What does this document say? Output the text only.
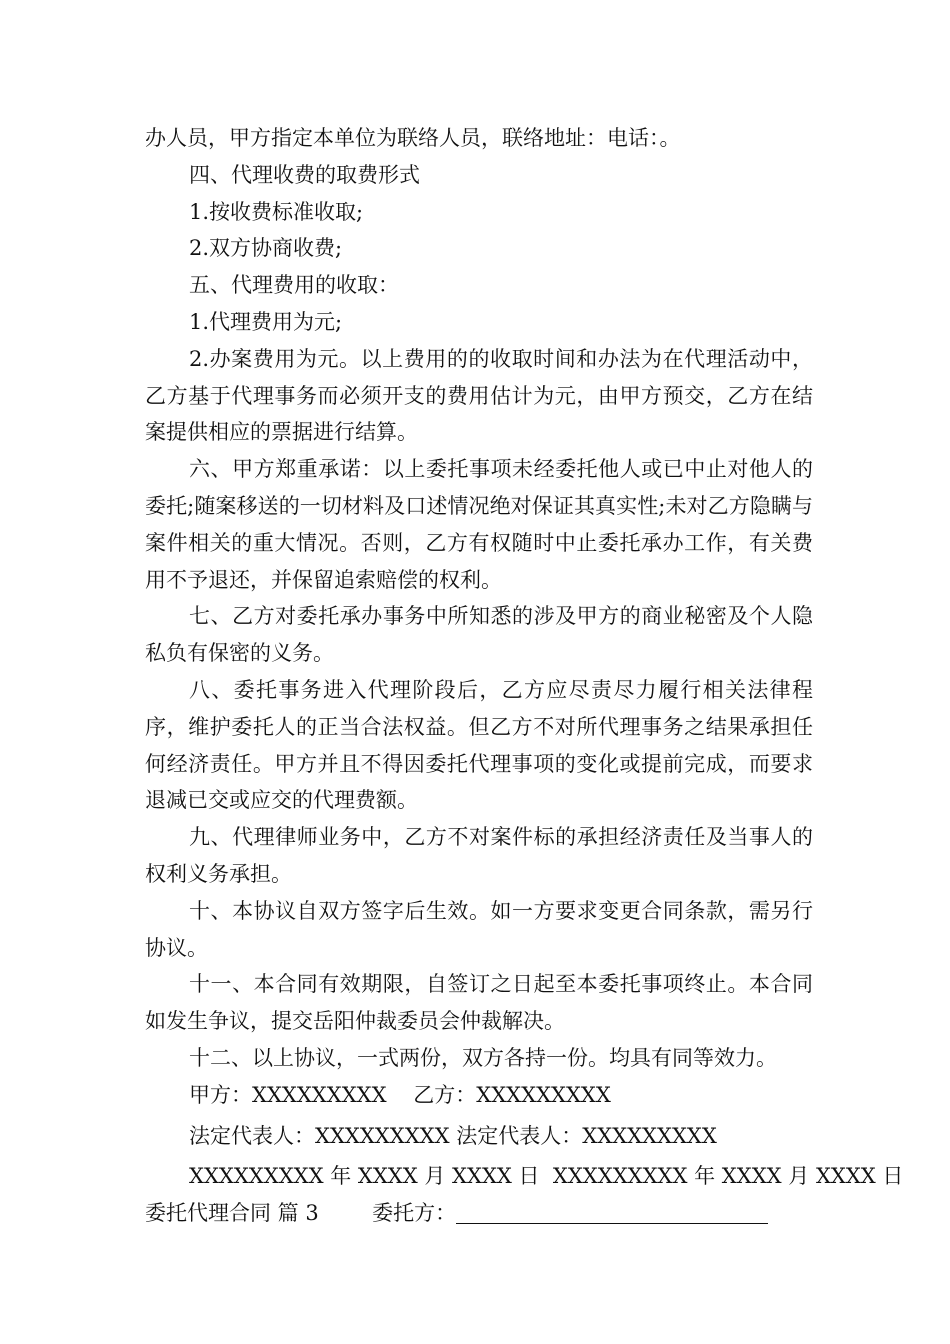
办人员，甲方指定本单位为联络人员，联络地址：电话：。

四、代理收费的取费形式

1.按收费标准收取;

2.双方协商收费;

五、代理费用的收取：

1.代理费用为元;

2.办案费用为元。以上费用的的收取时间和办法为在代理活动中，乙方基于代理事务而必须开支的费用估计为元，由甲方预交，乙方在结案提供相应的票据进行结算。

六、甲方郑重承诺：以上委托事项未经委托他人或已中止对他人的委托;随案移送的一切材料及口述情况绝对保证其真实性;未对乙方隐瞒与案件相关的重大情况。否则，乙方有权随时中止委托承办工作，有关费用不予退还，并保留追索赔偿的权利。

七、乙方对委托承办事务中所知悉的涉及甲方的商业秘密及个人隐私负有保密的义务。

八、委托事务进入代理阶段后，乙方应尽责尽力履行相关法律程序，维护委托人的正当合法权益。但乙方不对所代理事务之结果承担任何经济责任。甲方并且不得因委托代理事项的变化或提前完成，而要求退减已交或应交的代理费额。

九、代理律师业务中，乙方不对案件标的承担经济责任及当事人的权利义务承担。

十、本协议自双方签字后生效。如一方要求变更合同条款，需另行协议。

十一、本合同有效期限，自签订之日起至本委托事项终止。本合同如发生争议，提交岳阳仲裁委员会仲裁解决。

十二、以上协议，一式两份，双方各持一份。均具有同等效力。

甲方：XXXXXXXXX 乙方：XXXXXXXXX

法定代表人：XXXXXXXXX 法定代表人：XXXXXXXXX

XXXXXXXXX 年 XXXX 月 XXXX 日 XXXXXXXXX 年 XXXX 月 XXXX 日

委托代理合同 篇 3	委托方：
